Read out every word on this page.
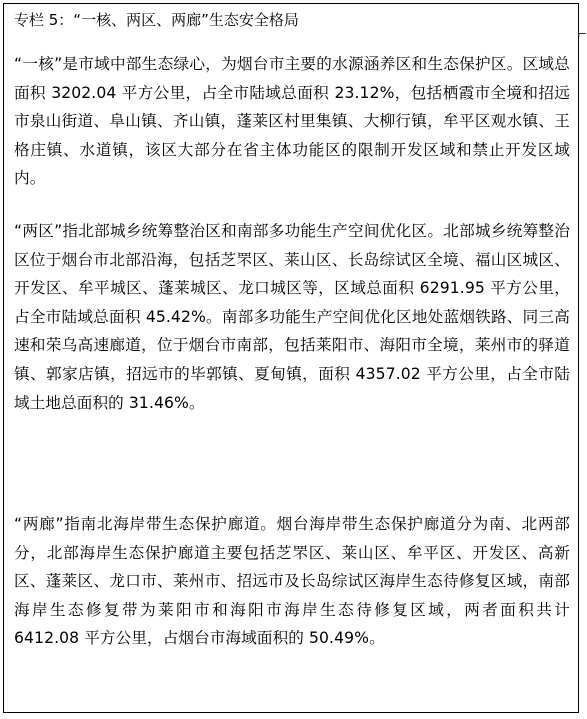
⌐
专栏 5：“一核、两区、两廊”生态安全格局

“一核”是市域中部生态绿心，为烟台市主要的水源涵养区和生态保护区。区域总面积 3202.04 平方公里，占全市陆域总面积 23.12%，包括栖霞市全境和招远市泉山街道、阜山镇、齐山镇，蓬莱区村里集镇、大柳行镇，牟平区观水镇、王格庄镇、水道镇，该区大部分在省主体功能区的限制开发区域和禁止开发区域内。

“两区”指北部城乡统筹整治区和南部多功能生产空间优化区。北部城乡统筹整治区位于烟台市北部沿海，包括芝罘区、莱山区、长岛综试区全境、福山区城区、开发区、牟平城区、蓬莱城区、龙口城区等，区域总面积 6291.95 平方公里，占全市陆域总面积 45.42%。南部多功能生产空间优化区地处蓝烟铁路、同三高速和荣乌高速廊道，位于烟台市南部，包括莱阳市、海阳市全境，莱州市的驿道镇、郭家店镇，招远市的毕郭镇、夏甸镇，面积 4357.02 平方公里，占全市陆域土地总面积的 31.46%。

“两廊”指南北海岸带生态保护廊道。烟台海岸带生态保护廊道分为南、北两部分，北部海岸生态保护廊道主要包括芝罘区、莱山区、牟平区、开发区、高新区、蓬莱区、龙口市、莱州市、招远市及长岛综试区海岸生态待修复区域，南部海岸生态修复带为莱阳市和海阳市海岸生态待修复区域，两者面积共计 6412.08 平方公里，占烟台市海域面积的 50.49%。
